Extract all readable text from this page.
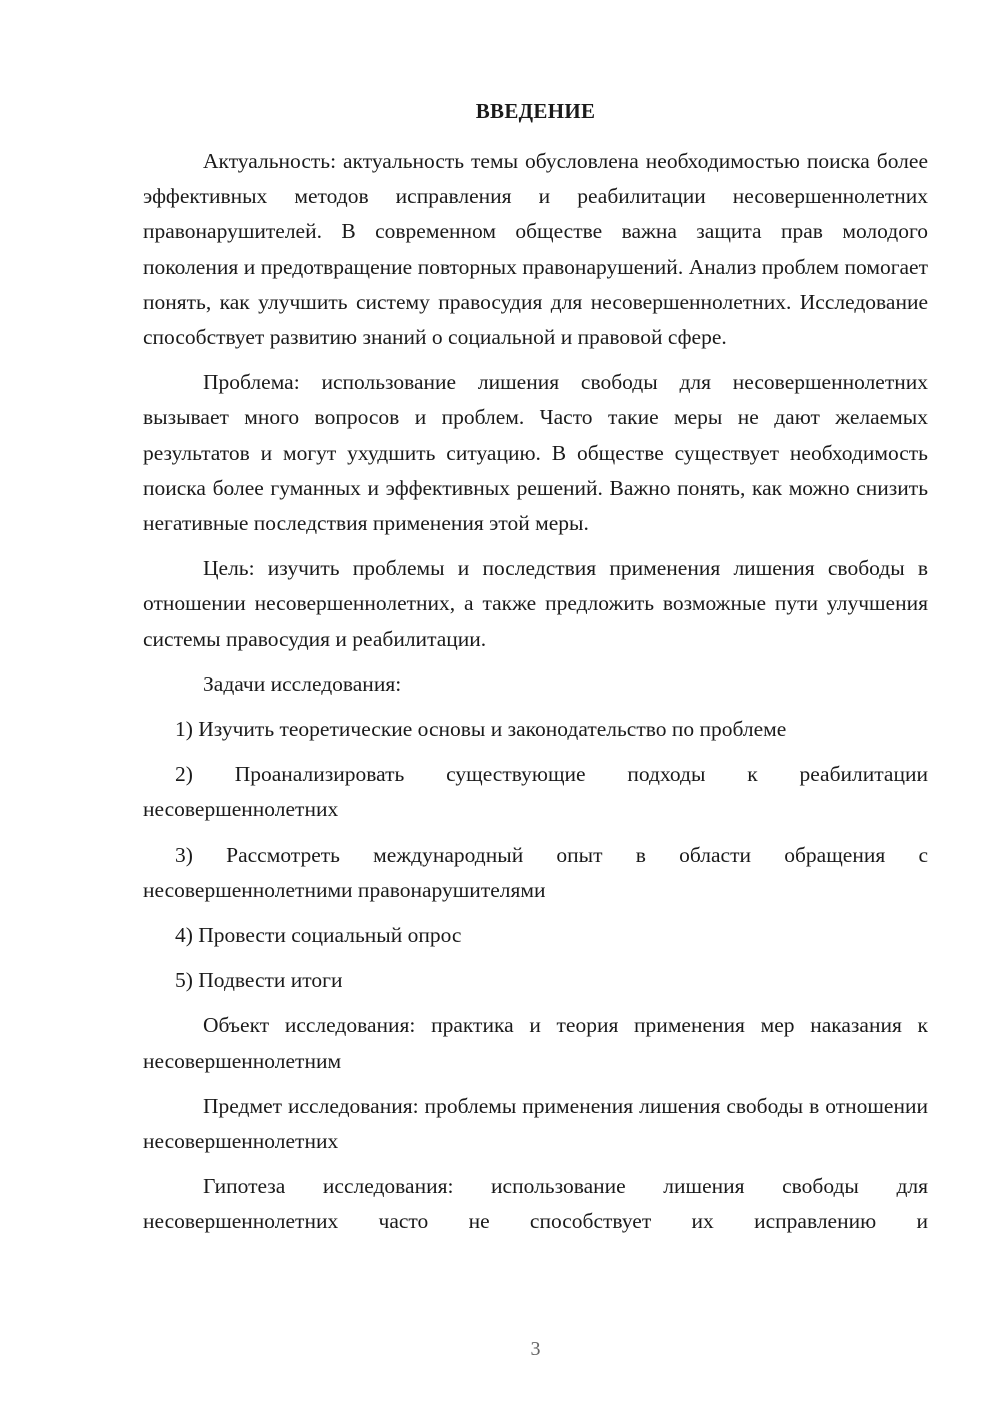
ВВЕДЕНИЕ

Актуальность: актуальность темы обусловлена необходимостью поиска более эффективных методов исправления и реабилитации несовершеннолетних правонарушителей. В современном обществе важна защита прав молодого поколения и предотвращение повторных правонарушений. Анализ проблем помогает понять, как улучшить систему правосудия для несовершеннолетних. Исследование способствует развитию знаний о социальной и правовой сфере.

Проблема: использование лишения свободы для несовершеннолетних вызывает много вопросов и проблем. Часто такие меры не дают желаемых результатов и могут ухудшить ситуацию. В обществе существует необходимость поиска более гуманных и эффективных решений. Важно понять, как можно снизить негативные последствия применения этой меры.

Цель: изучить проблемы и последствия применения лишения свободы в отношении несовершеннолетних, а также предложить возможные пути улучшения системы правосудия и реабилитации.

Задачи исследования:

1) Изучить теоретические основы и законодательство по проблеме

2) Проанализировать существующие подходы к реабилитации несовершеннолетних

3) Рассмотреть международный опыт в области обращения с несовершеннолетними правонарушителями

4) Провести социальный опрос

5) Подвести итоги

Объект исследования: практика и теория применения мер наказания к несовершеннолетним

Предмет исследования: проблемы применения лишения свободы в отношении несовершеннолетних

Гипотеза исследования: использование лишения свободы для несовершеннолетних часто не способствует их исправлению и

3
